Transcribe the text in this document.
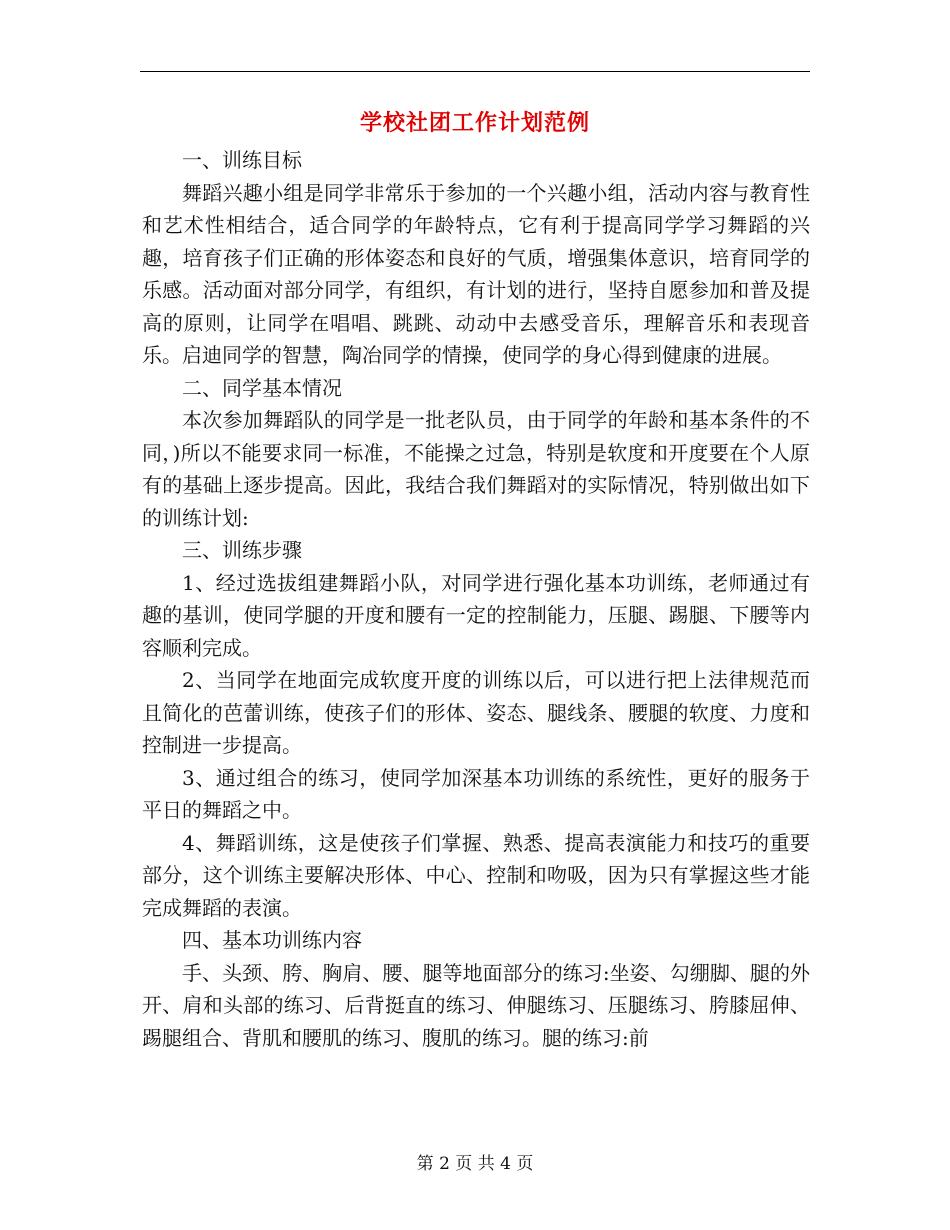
学校社团工作计划范例

一、训练目标

舞蹈兴趣小组是同学非常乐于参加的一个兴趣小组，活动内容与教育性和艺术性相结合，适合同学的年龄特点，它有利于提高同学学习舞蹈的兴趣，培育孩子们正确的形体姿态和良好的气质，增强集体意识，培育同学的乐感。活动面对部分同学，有组织，有计划的进行，坚持自愿参加和普及提高的原则，让同学在唱唱、跳跳、动动中去感受音乐，理解音乐和表现音乐。启迪同学的智慧，陶冶同学的情操，使同学的身心得到健康的进展。

二、同学基本情况

本次参加舞蹈队的同学是一批老队员，由于同学的年龄和基本条件的不同，)所以不能要求同一标准，不能操之过急，特别是软度和开度要在个人原有的基础上逐步提高。因此，我结合我们舞蹈对的实际情况，特别做出如下的训练计划:

三、训练步骤

1、经过选拔组建舞蹈小队，对同学进行强化基本功训练，老师通过有趣的基训，使同学腿的开度和腰有一定的控制能力，压腿、踢腿、下腰等内容顺利完成。

2、当同学在地面完成软度开度的训练以后，可以进行把上法律规范而且简化的芭蕾训练，使孩子们的形体、姿态、腿线条、腰腿的软度、力度和控制进一步提高。

3、通过组合的练习，使同学加深基本功训练的系统性，更好的服务于平日的舞蹈之中。

4、舞蹈训练，这是使孩子们掌握、熟悉、提高表演能力和技巧的重要部分，这个训练主要解决形体、中心、控制和吻吸，因为只有掌握这些才能完成舞蹈的表演。

四、基本功训练内容

手、头颈、胯、胸肩、腰、腿等地面部分的练习:坐姿、勾绷脚、腿的外开、肩和头部的练习、后背挺直的练习、伸腿练习、压腿练习、胯膝屈伸、踢腿组合、背肌和腰肌的练习、腹肌的练习。腿的练习:前

第 2 页 共 4 页
